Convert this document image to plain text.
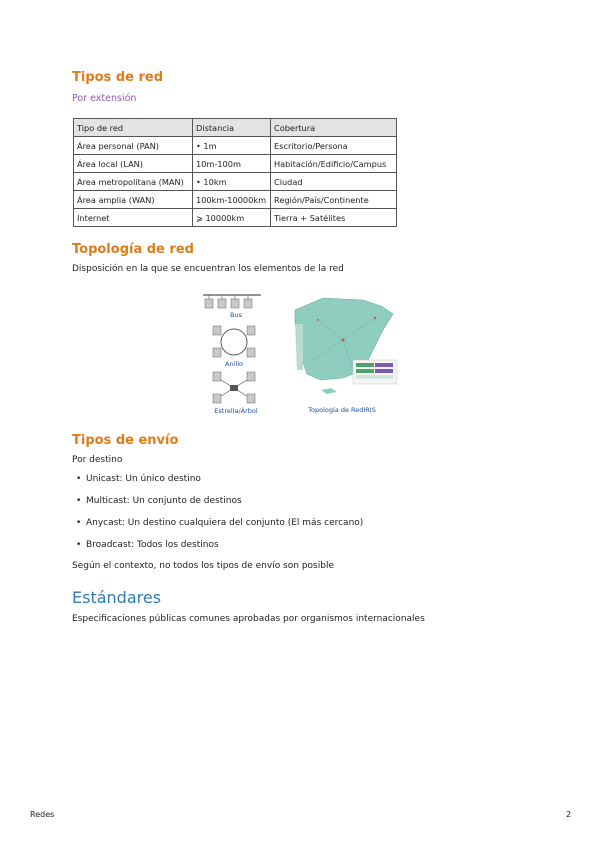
Tipos de red
Por extensión
Tipo de red	Distancia	Cobertura
Área personal (PAN)	• 1m	Escritorio/Persona
Área local (LAN)	10m-100m	Habitación/Edificio/Campus
Área metropolitana (MAN)	• 10km	Ciudad
Área amplia (WAN)	100km-10000km	Región/País/Continente
Internet	⩾ 10000km	Tierra + Satélites
Topología de red
Disposición en la que se encuentran los elementos de la red
Bus
Anillo
Estrella/Árbol	Topología de RedIRIS
Tipos de envío
Por destino
• Unicast: Un único destino
• Multicast: Un conjunto de destinos
• Anycast: Un destino cualquiera del conjunto (El más cercano)
• Broadcast: Todos los destinos
Según el contexto, no todos los tipos de envío son posible
Estándares
Especificaciones públicas comunes aprobadas por organismos internacionales
Redes	2
